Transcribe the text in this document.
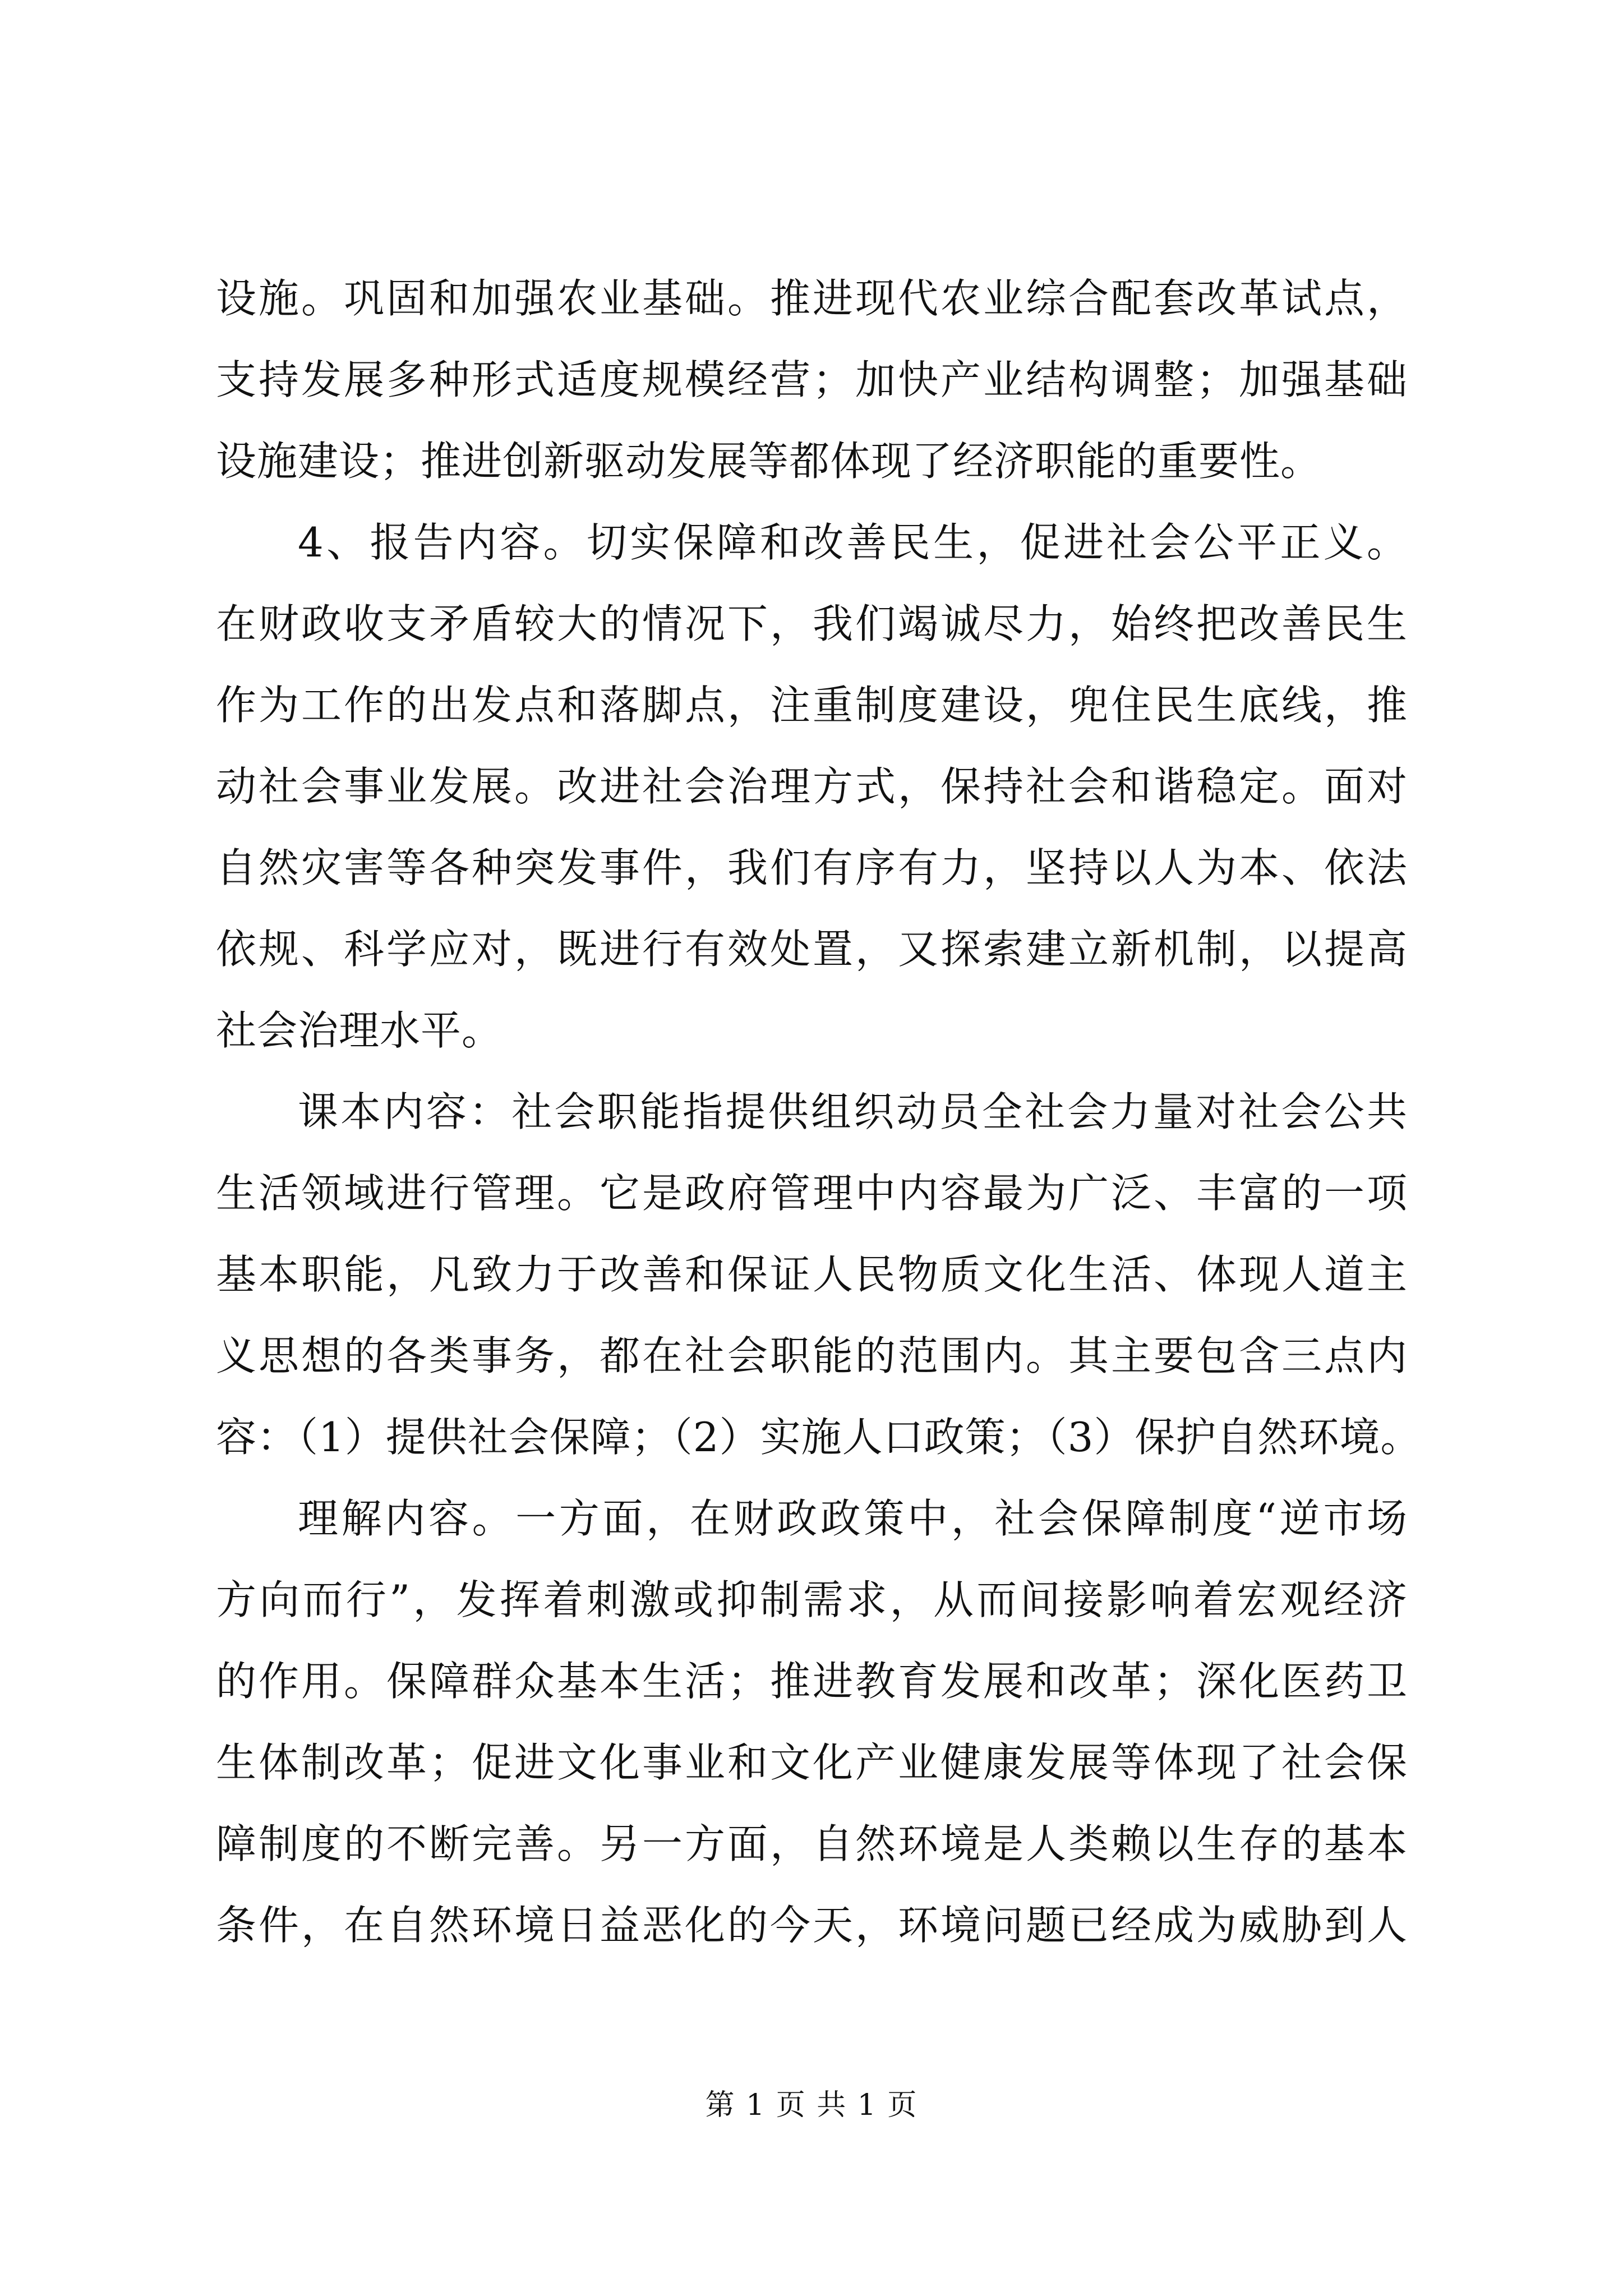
设施。巩固和加强农业基础。推进现代农业综合配套改革试点，
支持发展多种形式适度规模经营；加快产业结构调整；加强基础
设施建设；推进创新驱动发展等都体现了经济职能的重要性。
4、报告内容。切实保障和改善民生，促进社会公平正义。
在财政收支矛盾较大的情况下，我们竭诚尽力，始终把改善民生
作为工作的出发点和落脚点，注重制度建设，兜住民生底线，推
动社会事业发展。改进社会治理方式，保持社会和谐稳定。面对
自然灾害等各种突发事件，我们有序有力，坚持以人为本、依法
依规、科学应对，既进行有效处置，又探索建立新机制，以提高
社会治理水平。
课本内容：社会职能指提供组织动员全社会力量对社会公共
生活领域进行管理。它是政府管理中内容最为广泛、丰富的一项
基本职能，凡致力于改善和保证人民物质文化生活、体现人道主
义思想的各类事务，都在社会职能的范围内。其主要包含三点内
容：（1）提供社会保障；（2）实施人口政策；（3）保护自然环境。
理解内容。一方面，在财政政策中，社会保障制度“逆市场
方向而行”，发挥着刺激或抑制需求，从而间接影响着宏观经济
的作用。保障群众基本生活；推进教育发展和改革；深化医药卫
生体制改革；促进文化事业和文化产业健康发展等体现了社会保
障制度的不断完善。另一方面，自然环境是人类赖以生存的基本
条件，在自然环境日益恶化的今天，环境问题已经成为威胁到人
第 1 页 共 1 页
